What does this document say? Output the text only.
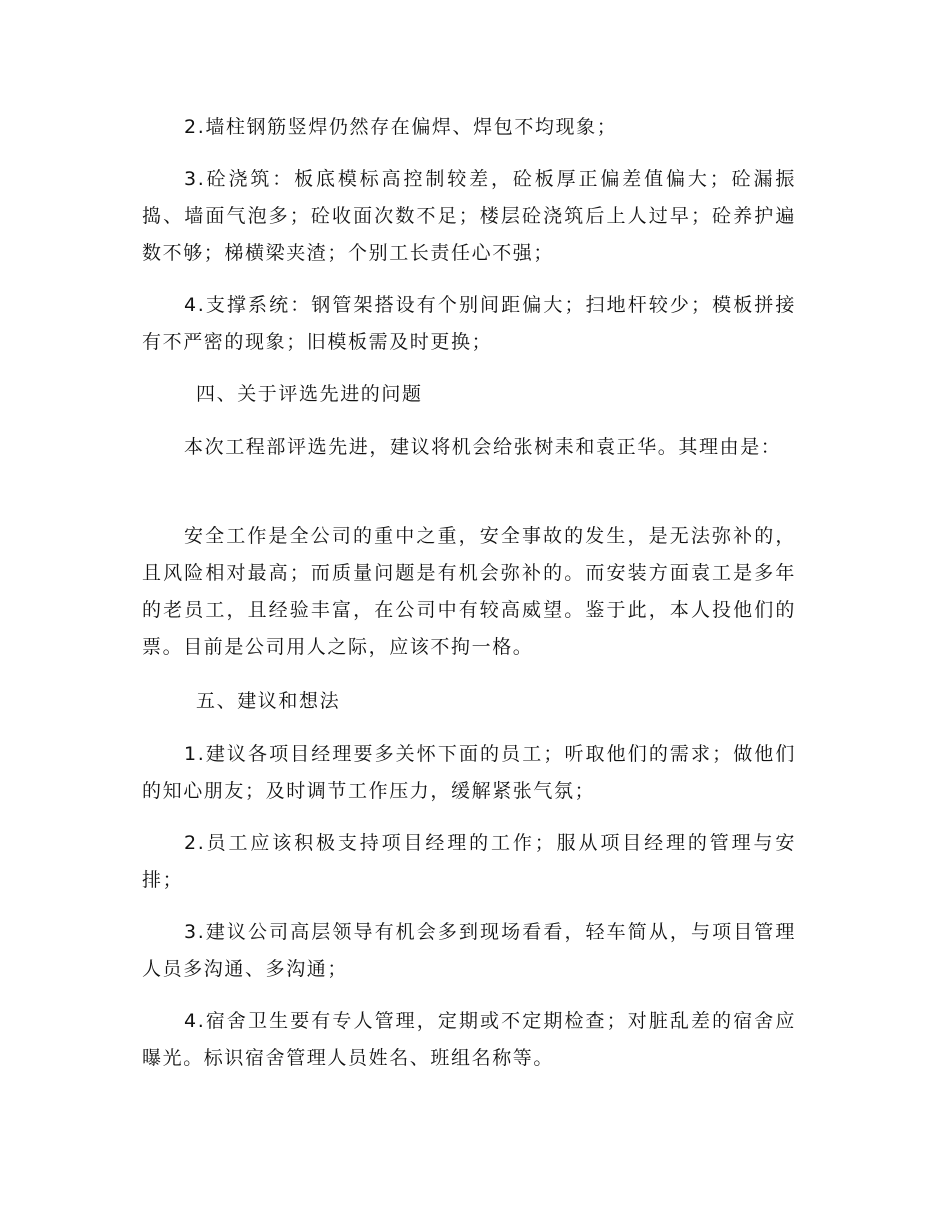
2.墙柱钢筋竖焊仍然存在偏焊、焊包不均现象；

3.砼浇筑：板底模标高控制较差，砼板厚正偏差值偏大；砼漏振捣、墙面气泡多；砼收面次数不足；楼层砼浇筑后上人过早；砼养护遍数不够；梯横梁夹渣；个别工长责任心不强；

4.支撑系统：钢管架搭设有个别间距偏大；扫地杆较少；模板拼接有不严密的现象；旧模板需及时更换；

四、关于评选先进的问题

本次工程部评选先进，建议将机会给张树耒和袁正华。其理由是：

安全工作是全公司的重中之重，安全事故的发生，是无法弥补的，且风险相对最高；而质量问题是有机会弥补的。而安装方面袁工是多年的老员工，且经验丰富，在公司中有较高威望。鉴于此，本人投他们的票。目前是公司用人之际，应该不拘一格。

五、建议和想法

1.建议各项目经理要多关怀下面的员工；听取他们的需求；做他们的知心朋友；及时调节工作压力，缓解紧张气氛；

2.员工应该积极支持项目经理的工作；服从项目经理的管理与安排；

3.建议公司高层领导有机会多到现场看看，轻车简从，与项目管理人员多沟通、多沟通；

4.宿舍卫生要有专人管理，定期或不定期检查；对脏乱差的宿舍应曝光。标识宿舍管理人员姓名、班组名称等。
